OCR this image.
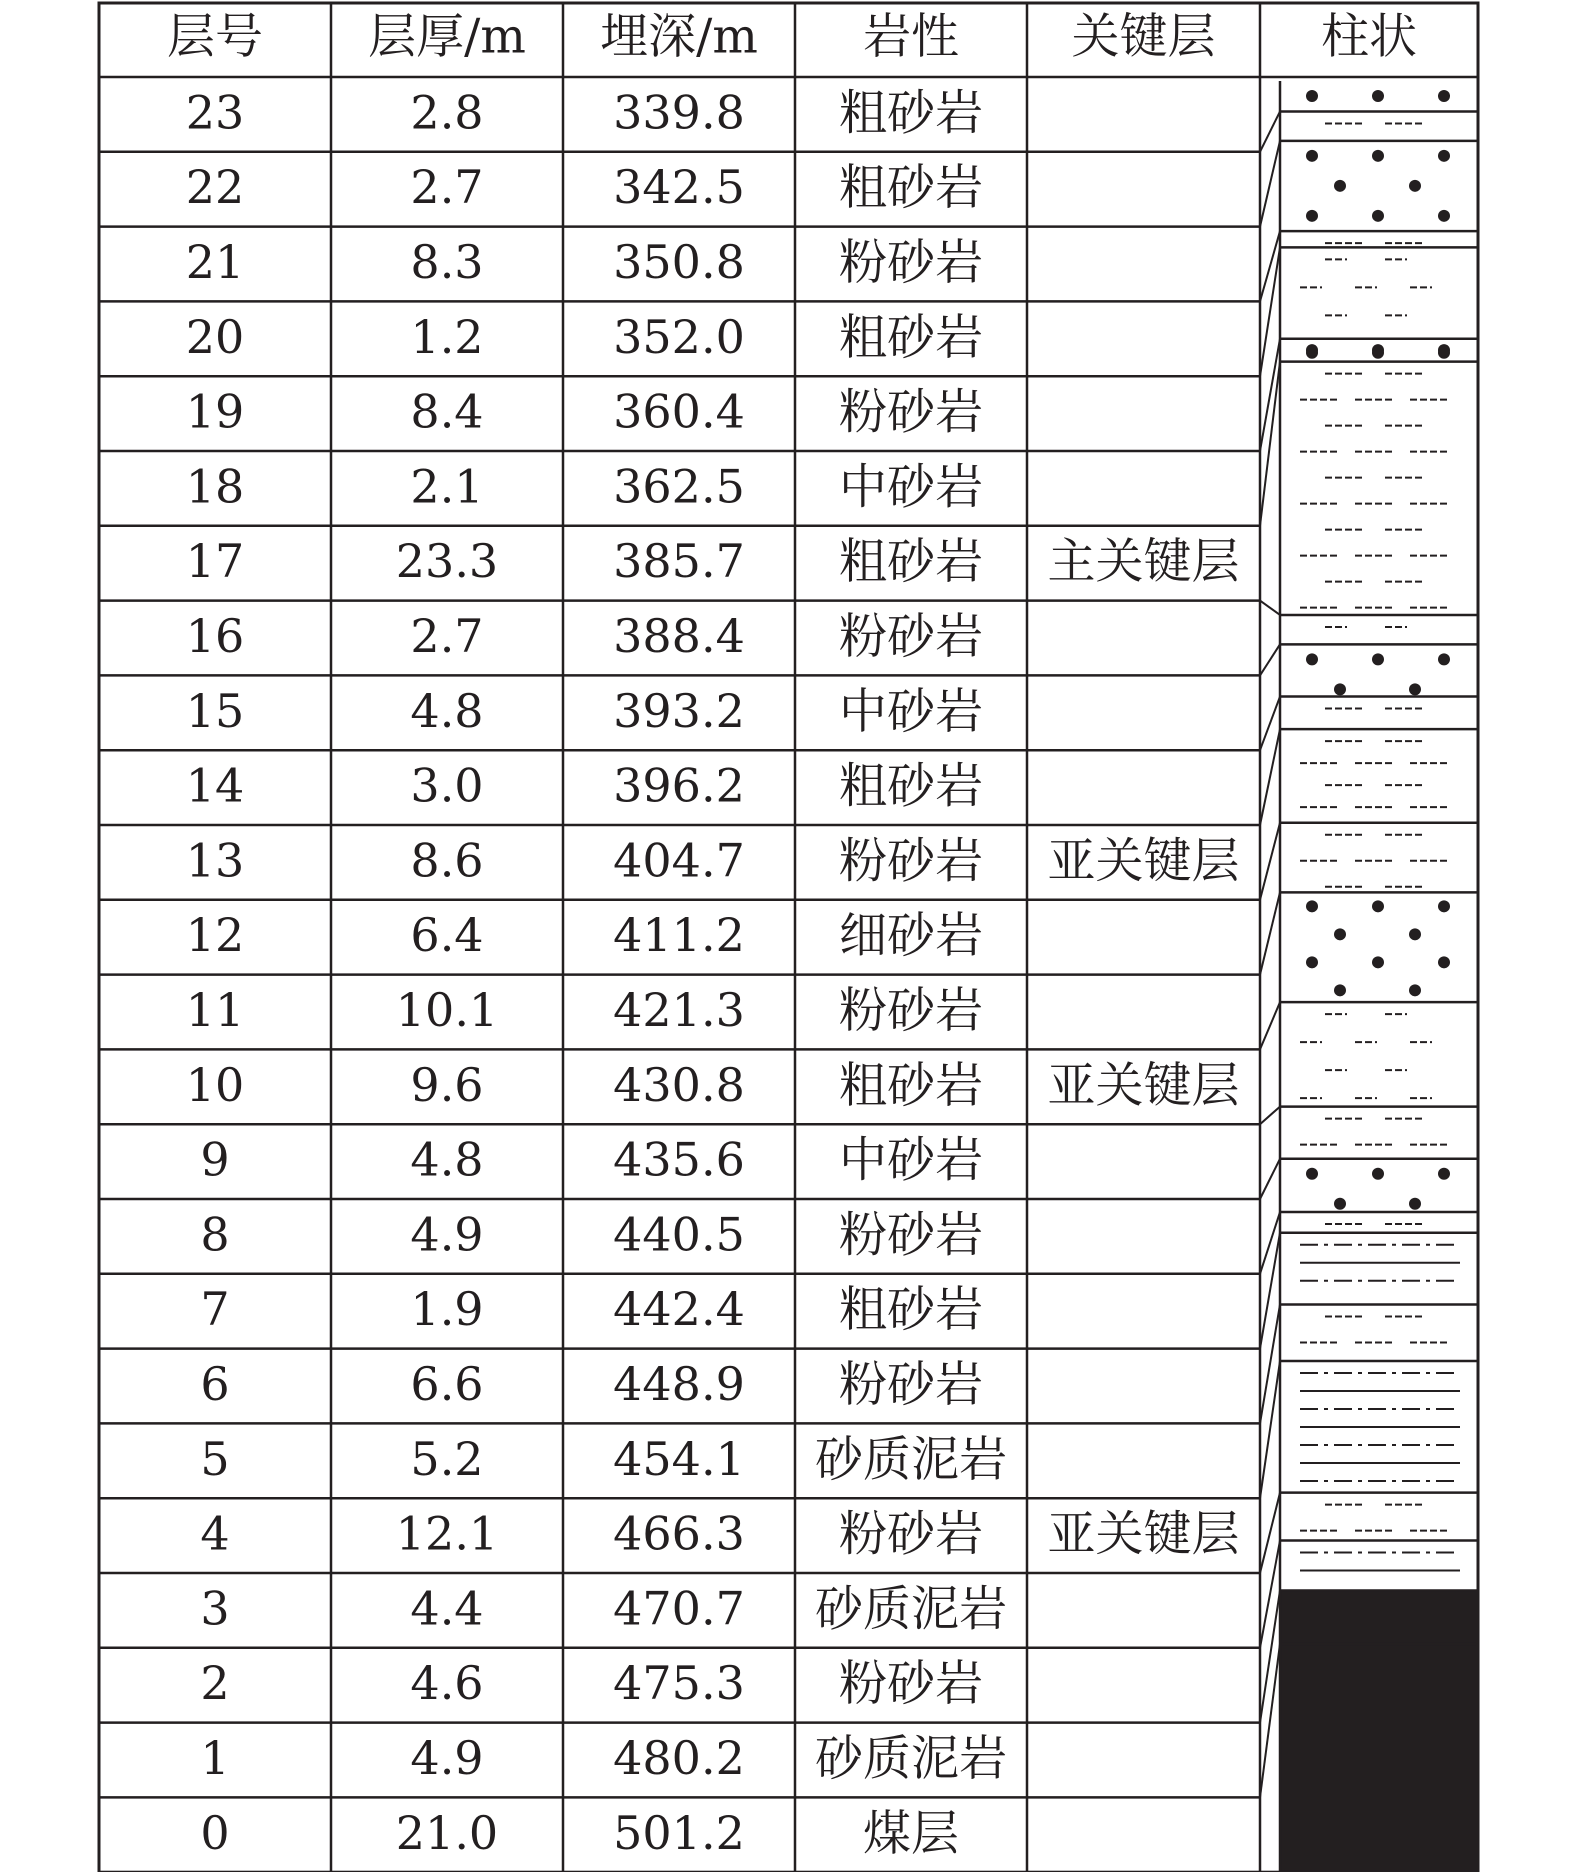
层号 层厚/m 埋深/m 岩性 关键层 柱状
23	2.8	339.8 粗砂岩
22	2.7	342.5 粗砂岩
21	8.3	350.8 粉砂岩
20	1.2	352.0 粗砂岩
19	8.4	360.4 粉砂岩
18	2.1	362.5 中砂岩
17	23.3 385.7 粗砂岩 主关键层
16	2.7	388.4 粉砂岩
15	4.8	393.2 中砂岩
14	3.0	396.2 粗砂岩
13	8.6	404.7 粉砂岩 亚关键层
12	6.4	411.2 细砂岩
11	10.1 421.3 粉砂岩
10	9.6	430.8 粗砂岩 亚关键层
9	4.8	435.6 中砂岩
8	4.9	440.5 粉砂岩
7	1.9	442.4 粗砂岩
6	6.6	448.9 粉砂岩
5	5.2	454.1 砂质泥岩
4	12.1 466.3 粉砂岩 亚关键层
3	4.4	470.7 砂质泥岩
2	4.6	475.3 粉砂岩
1	4.9	480.2 砂质泥岩
0	21.0 501.2 煤层
